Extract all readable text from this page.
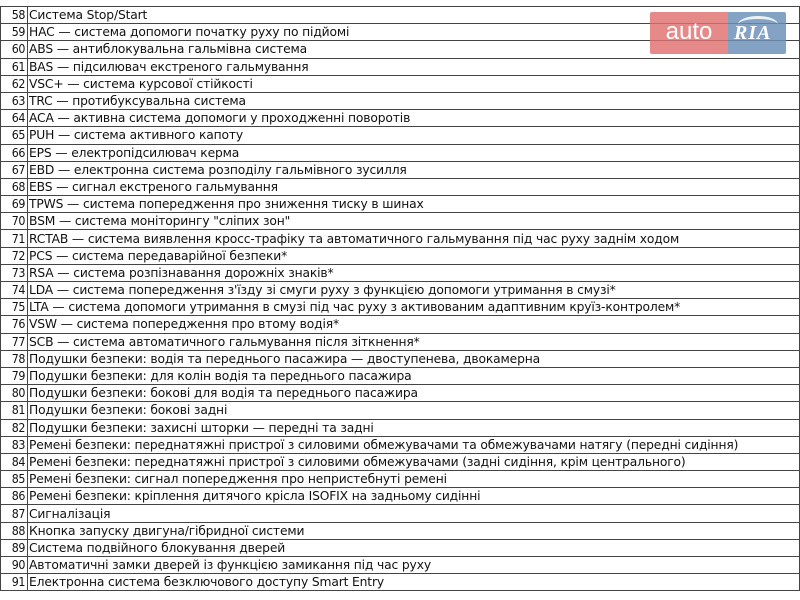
58	Система Stop/Start
59	HAC — система допомоги початку руху по підйомі
60	ABS — антиблокувальна гальмівна система
61	BAS — підсилювач екстреного гальмування
62	VSC+ — система курсової стійкості
63	TRC — протибуксувальна система
64	ACA — активна система допомоги у проходженні поворотів
65	PUH — система активного капоту
66	EPS — електропідсилювач керма
67	EBD — електронна система розподілу гальмівного зусилля
68	EBS — сигнал екстреного гальмування
69	TPWS — система попередження про зниження тиску в шинах
70	BSM — система моніторингу "сліпих зон"
71	RCTAB — система виявлення кросс-трафіку та автоматичного гальмування під час руху заднім ходом
72	PCS — система передаварійної безпеки*
73	RSA — система розпізнавання дорожніх знаків*
74	LDA — система попередження з'їзду зі смуги руху з функцією допомоги утримання в смузі*
75	LTA — система допомоги утримання в смузі під час руху з активованим адаптивним круїз-контролем*
76	VSW — система попередження про втому водія*
77	SCB — система автоматичного гальмування після зіткнення*
78	Подушки безпеки: водія та переднього пасажира — двоступенева, двокамерна
79	Подушки безпеки: для колін водія та переднього пасажира
80	Подушки безпеки: бокові для водія та переднього пасажира
81	Подушки безпеки: бокові задні
82	Подушки безпеки: захисні шторки — передні та задні
83	Ремені безпеки: переднатяжні пристрої з силовими обмежувачами та обмежувачами натягу (передні сидіння)
84	Ремені безпеки: переднатяжні пристрої з силовими обмежувачами (задні сидіння, крім центрального)
85	Ремені безпеки: сигнал попередження про непристебнуті ремені
86	Ремені безпеки: кріплення дитячого крісла ISOFIX на задньому сидінні
87	Сигналізація
88	Кнопка запуску двигуна/гібридної системи
89	Система подвійного блокування дверей
90	Автоматичні замки дверей із функцією замикання під час руху
91	Електронна система безключового доступу Smart Entry
auto	RIA
